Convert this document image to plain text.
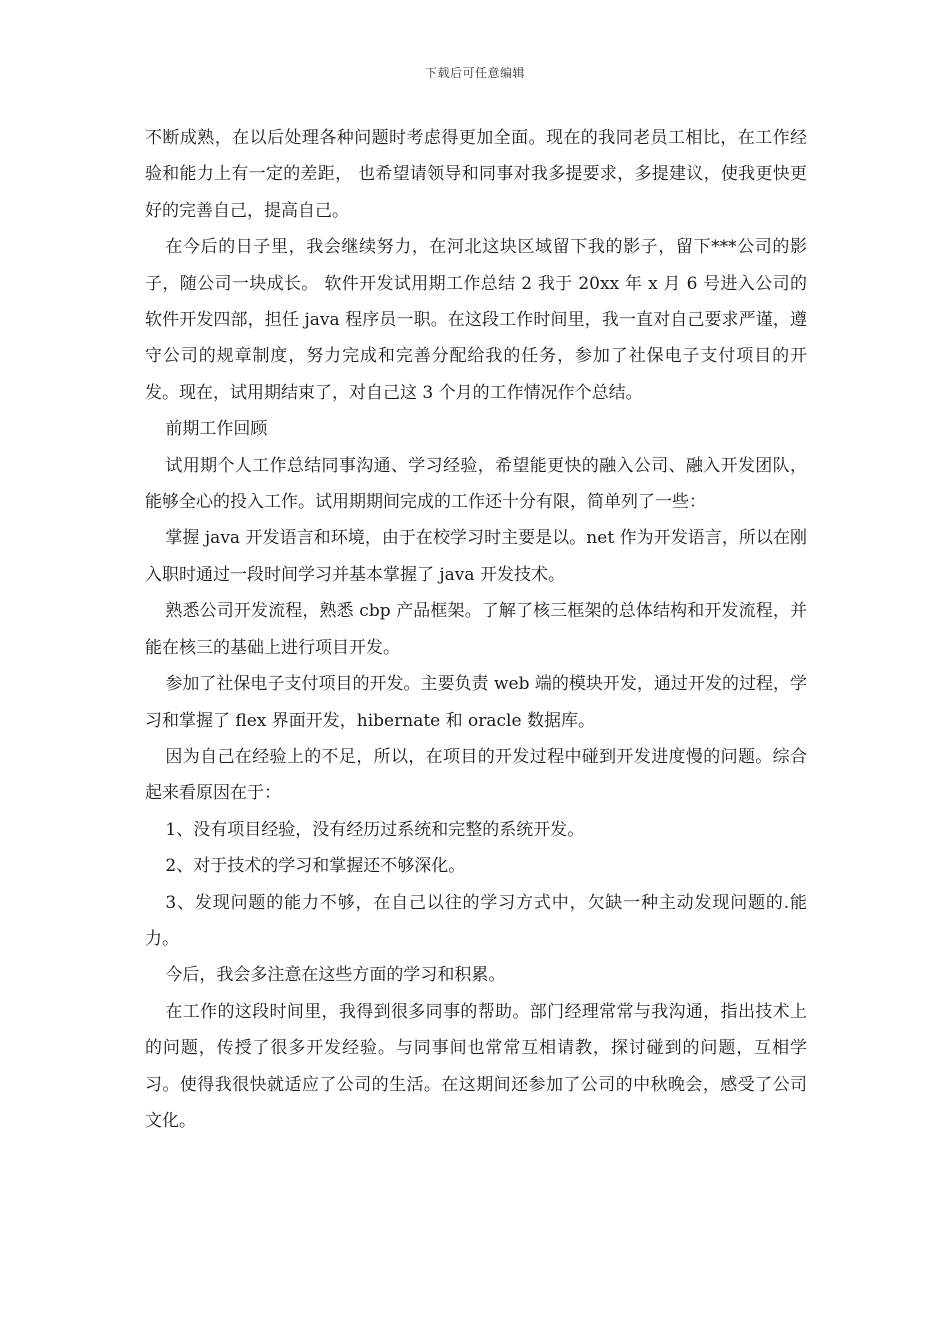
下载后可任意编辑

不断成熟，在以后处理各种问题时考虑得更加全面。现在的我同老员工相比，在工作经验和能力上有一定的差距， 也希望请领导和同事对我多提要求，多提建议，使我更快更好的完善自己，提高自己。

在今后的日子里，我会继续努力，在河北这块区域留下我的影子，留下***公司的影子，随公司一块成长。 软件开发试用期工作总结 2 我于 20xx 年 x 月 6 号进入公司的软件开发四部，担任 java 程序员一职。在这段工作时间里，我一直对自己要求严谨，遵守公司的规章制度，努力完成和完善分配给我的任务，参加了社保电子支付项目的开发。现在，试用期结束了，对自己这 3 个月的工作情况作个总结。

前期工作回顾

试用期个人工作总结同事沟通、学习经验，希望能更快的融入公司、融入开发团队，能够全心的投入工作。试用期期间完成的工作还十分有限，简单列了一些：

掌握 java 开发语言和环境，由于在校学习时主要是以。net 作为开发语言，所以在刚入职时通过一段时间学习并基本掌握了 java 开发技术。

熟悉公司开发流程，熟悉 cbp 产品框架。了解了核三框架的总体结构和开发流程，并能在核三的基础上进行项目开发。

参加了社保电子支付项目的开发。主要负责 web 端的模块开发，通过开发的过程，学习和掌握了 flex 界面开发，hibernate 和 oracle 数据库。

因为自己在经验上的不足，所以，在项目的开发过程中碰到开发进度慢的问题。综合起来看原因在于：

1、没有项目经验，没有经历过系统和完整的系统开发。

2、对于技术的学习和掌握还不够深化。

3、发现问题的能力不够，在自己以往的学习方式中，欠缺一种主动发现问题的.能力。

今后，我会多注意在这些方面的学习和积累。

在工作的这段时间里，我得到很多同事的帮助。部门经理常常与我沟通，指出技术上的问题，传授了很多开发经验。与同事间也常常互相请教，探讨碰到的问题，互相学习。使得我很快就适应了公司的生活。在这期间还参加了公司的中秋晚会，感受了公司文化。
